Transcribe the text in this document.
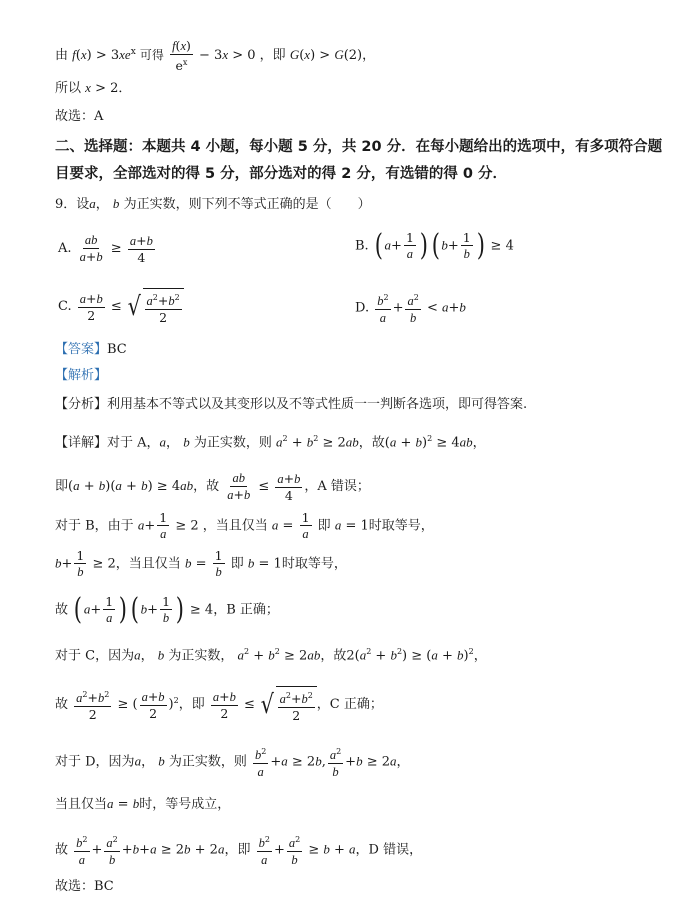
由 $f(x) > 3xe^x$ 可得 $\frac{f(x)}{e^x} - 3x > 0$ ，即 G(x) > G(2)，
所以 x > 2．
故选：A
二、选择题：本题共 4 小题，每小题 5 分，共 20 分．在每小题给出的选项中，有多项符合题
目要求，全部选对的得 5 分，部分选对的得 2 分，有选错的得 0 分．
9．设a， b 为正实数，则下列不等式正确的是（　　）
A. $\frac{ab}{a+b} \ge \frac{a+b}{4}$	B. ( $a+ \frac{1}{a}$ ) ( $b+ \frac{1}{b}$ ) ≥ 4
C. $\frac{a+b}{2}$ ≤ √ $\frac{a^2+b^2}{2}$	D. $\frac{b^2}{a} + \frac{a^2}{b} < a+b$
【答案】BC
【解析】
【分析】利用基本不等式以及其变形以及不等式性质一一判断各选项，即可得答案.
【详解】对于 A，a， b 为正实数，则 $a^2 + b^2 \ge 2ab$，故$(a + b)^2 \ge 4ab$，
即(a + b)(a + b) ≥ 4ab，故 $\frac{ab}{a+b} \le \frac{a+b}{4}$ ，A 错误；
对于 B，由于 $a+ \frac{1}{a} \ge 2$ ，当且仅当 $a = \frac{1}{a}$ 即 a = 1时取等号，
$b+ \frac{1}{b} \ge 2$，当且仅当 $b = \frac{1}{b}$ 即 b = 1时取等号，
故 ( $a+ \frac{1}{a}$ ) ( $b+ \frac{1}{b}$ ) ≥ 4，B 正确；
对于 C，因为a， b 为正实数， $a^2 + b^2 \ge 2ab$，故$2(a^2 + b^2) \ge (a + b)^2$，
故 $\frac{a^2+b^2}{2}$ ≥ ( $\frac{a+b}{2} )^2$，即 $\frac{a+b}{2}$ ≤ √ $\frac{a^2+b^2}{2}$ ，C 正确；
对于 D，因为a， b 为正实数，则 $\frac{b^2}{a} +a \ge 2b$, $\frac{a^2}{b} +b \ge 2a$，
当且仅当a = b时，等号成立，
故 $\frac{b^2}{a} + \frac{a^2}{b} +b+a \ge 2b + 2a$，即 $\frac{b^2}{a} + \frac{a^2}{b} \ge b + a$，D 错误，
故选：BC
